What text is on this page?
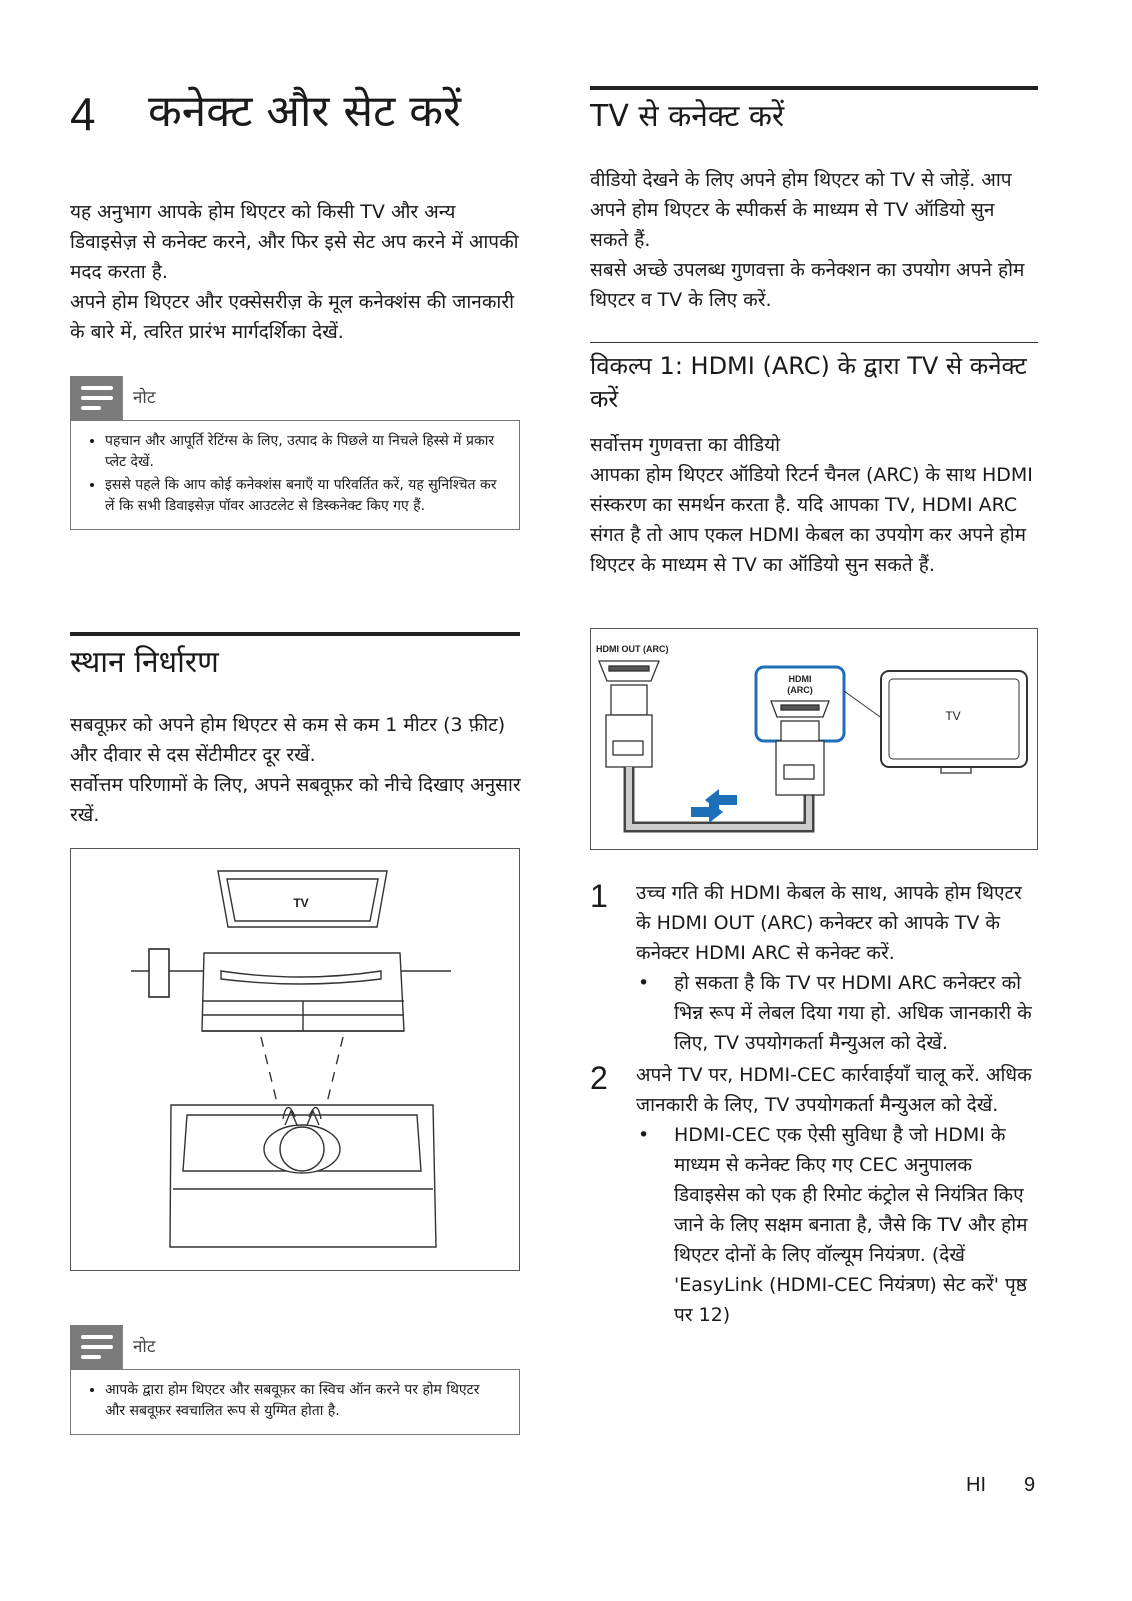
4 कनेक्ट और सेट करें

यह अनुभाग आपके होम थिएटर को किसी TV और अन्य डिवाइसेज़ से कनेक्ट करने, और फिर इसे सेट अप करने में आपकी मदद करता है.

अपने होम थिएटर और एक्सेसरीज़ के मूल कनेक्शंस की जानकारी के बारे में, त्वरित प्रारंभ मार्गदर्शिका देखें.

नोट
• पहचान और आपूर्ति रेटिंग्स के लिए, उत्पाद के पिछले या निचले हिस्से में प्रकार प्लेट देखें.
• इससे पहले कि आप कोई कनेक्शंस बनाएँ या परिवर्तित करें, यह सुनिश्चित कर लें कि सभी डिवाइसेज़ पॉवर आउटलेट से डिस्कनेक्ट किए गए हैं.
स्थान निर्धारण

सबवूफ़र को अपने होम थिएटर से कम से कम 1 मीटर (3 फ़ीट) और दीवार से दस सेंटीमीटर दूर रखें.

सर्वोत्तम परिणामों के लिए, अपने सबवूफ़र को नीचे दिखाए अनुसार रखें.

TV
नोट
• आपके द्वारा होम थिएटर और सबवूफ़र का स्विच ऑन करने पर होम थिएटर और सबवूफ़र स्वचालित रूप से युग्मित होता है.
TV से कनेक्ट करें

वीडियो देखने के लिए अपने होम थिएटर को TV से जोड़ें. आप अपने होम थिएटर के स्पीकर्स के माध्यम से TV ऑडियो सुन सकते हैं.

सबसे अच्छे उपलब्ध गुणवत्ता के कनेक्शन का उपयोग अपने होम थिएटर व TV के लिए करें.

विकल्प 1: HDMI (ARC) के द्वारा TV से कनेक्ट करें

सर्वोत्तम गुणवत्ता का वीडियो

आपका होम थिएटर ऑडियो रिटर्न चैनल (ARC) के साथ HDMI संस्करण का समर्थन करता है. यदि आपका TV, HDMI ARC संगत है तो आप एकल HDMI केबल का उपयोग कर अपने होम थिएटर के माध्यम से TV का ऑडियो सुन सकते हैं.

HDMI OUT (ARC)
HDMI
(ARC)
TV
1	उच्च गति की HDMI केबल के साथ, आपके होम थिएटर के HDMI OUT (ARC) कनेक्टर को आपके TV के कनेक्टर HDMI ARC से कनेक्ट करें.

•	हो सकता है कि TV पर HDMI ARC कनेक्टर को भिन्न रूप में लेबल दिया गया हो. अधिक जानकारी के लिए, TV उपयोगकर्ता मैन्युअल को देखें.

2	अपने TV पर, HDMI-CEC कार्रवाईयाँ चालू करें. अधिक जानकारी के लिए, TV उपयोगकर्ता मैन्युअल को देखें.

•	HDMI-CEC एक ऐसी सुविधा है जो HDMI के माध्यम से कनेक्ट किए गए CEC अनुपालक डिवाइसेस को एक ही रिमोट कंट्रोल से नियंत्रित किए जाने के लिए सक्षम बनाता है, जैसे कि TV और होम थिएटर दोनों के लिए वॉल्यूम नियंत्रण. (देखें 'EasyLink (HDMI-CEC नियंत्रण) सेट करें' पृष्ठ पर 12)

HI 9
